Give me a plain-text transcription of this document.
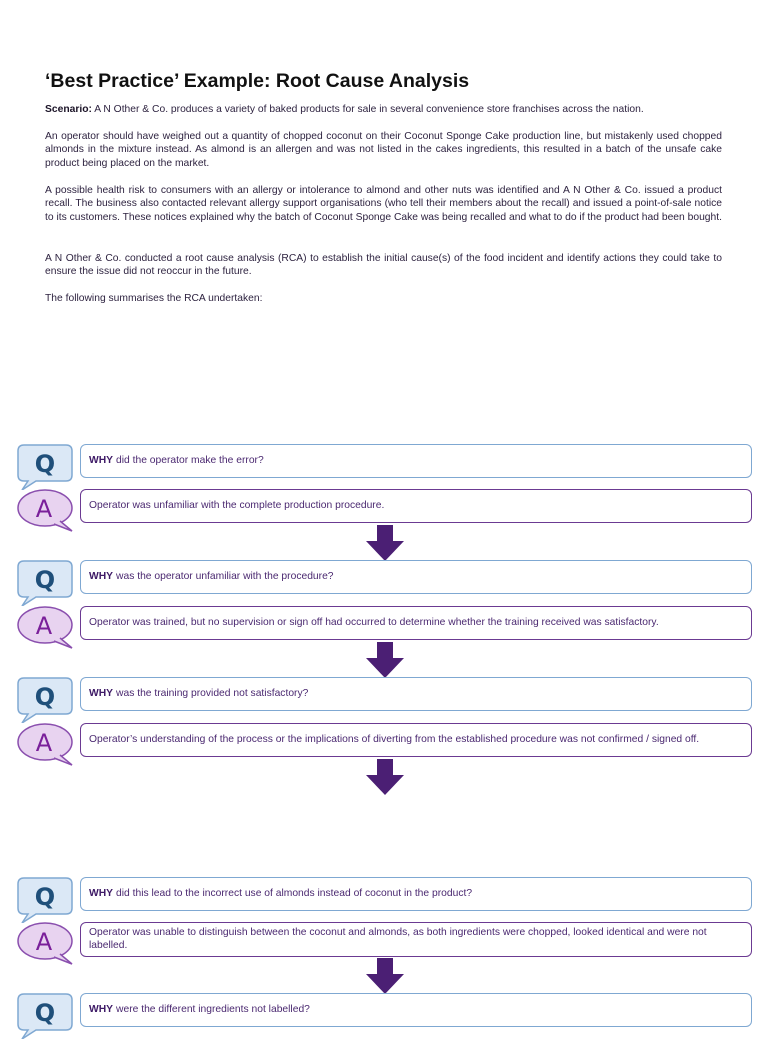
‘Best Practice’ Example: Root Cause Analysis
Scenario: A N Other & Co. produces a variety of baked products for sale in several convenience store franchises across the nation.
An operator should have weighed out a quantity of chopped coconut on their Coconut Sponge Cake production line, but mistakenly used chopped almonds in the mixture instead. As almond is an allergen and was not listed in the cakes ingredients, this resulted in a batch of the unsafe cake product being placed on the market.
A possible health risk to consumers with an allergy or intolerance to almond and other nuts was identified and A N Other & Co. issued a product recall. The business also contacted relevant allergy support organisations (who tell their members about the recall) and issued a point-of-sale notice to its customers. These notices explained why the batch of Coconut Sponge Cake was being recalled and what to do if the product had been bought.
A N Other & Co. conducted a root cause analysis (RCA) to establish the initial cause(s) of the food incident and identify actions they could take to ensure the issue did not reoccur in the future.
The following summarises the RCA undertaken:
Q	WHY did the operator make the error?
A	Operator was unfamiliar with the complete production procedure.
Q	WHY was the operator unfamiliar with the procedure?
A	Operator was trained, but no supervision or sign off had occurred to determine whether the training received was satisfactory.
Q	WHY was the training provided not satisfactory?
A	Operator’s understanding of the process or the implications of diverting from the established procedure was not confirmed / signed off.
Q	WHY did this lead to the incorrect use of almonds instead of coconut in the product?
A	Operator was unable to distinguish between the coconut and almonds, as both ingredients were chopped, looked identical and were not labelled.
Q	WHY were the different ingredients not labelled?
